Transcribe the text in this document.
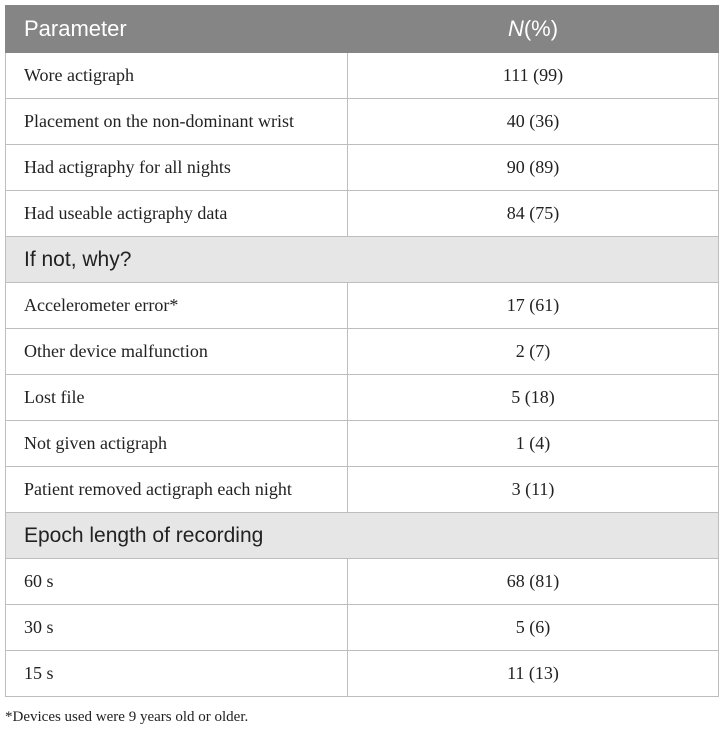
Parameter	N(%)
Wore actigraph	111 (99)
Placement on the non-dominant wrist	40 (36)
Had actigraphy for all nights	90 (89)
Had useable actigraphy data	84 (75)
If not, why?	
Accelerometer error*	17 (61)
Other device malfunction	2 (7)
Lost file	5 (18)
Not given actigraph	1 (4)
Patient removed actigraph each night	3 (11)
Epoch length of recording	
60 s	68 (81)
30 s	5 (6)
15 s	11 (13)
*Devices used were 9 years old or older.
